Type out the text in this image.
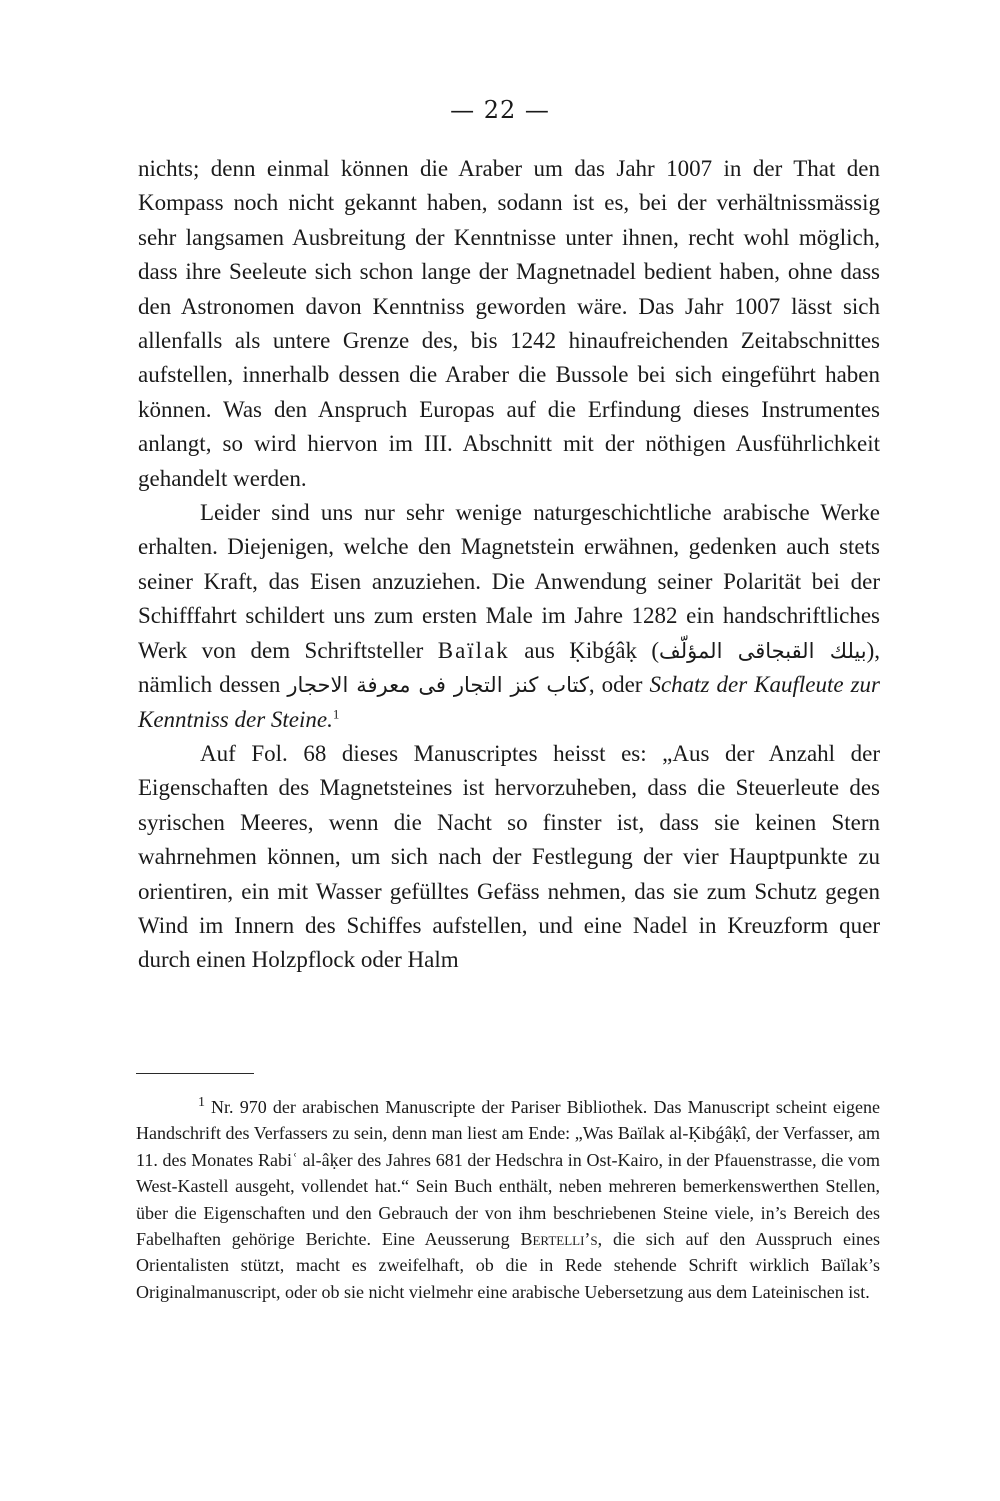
— 22 —

nichts; denn einmal können die Araber um das Jahr 1007 in der That den Kompass noch nicht gekannt haben, sodann ist es, bei der verhältnissmässig sehr langsamen Ausbreitung der Kenntnisse unter ihnen, recht wohl möglich, dass ihre Seeleute sich schon lange der Magnetnadel bedient haben, ohne dass den Astronomen davon Kenntniss geworden wäre. Das Jahr 1007 lässt sich allenfalls als untere Grenze des, bis 1242 hinaufreichenden Zeitabschnittes aufstellen, innerhalb dessen die Araber die Bussole bei sich eingeführt haben können. Was den Anspruch Europas auf die Erfindung dieses Instrumentes anlangt, so wird hiervon im III. Abschnitt mit der nöthigen Ausführlichkeit gehandelt werden.

Leider sind uns nur sehr wenige naturgeschichtliche arabische Werke erhalten. Diejenigen, welche den Magnetstein erwähnen, gedenken auch stets seiner Kraft, das Eisen anzuziehen. Die Anwendung seiner Polarität bei der Schifffahrt schildert uns zum ersten Male im Jahre 1282 ein handschriftliches Werk von dem Schriftsteller Baïlak aus Ḳibǵâḳ (بيلك القبجاقى المؤلّف), nämlich dessen كتاب كنز التجار فى معرفة الاحجار, oder Schatz der Kaufleute zur Kenntniss der Steine.$^1$

Auf Fol. 68 dieses Manuscriptes heisst es: „Aus der Anzahl der Eigenschaften des Magnetsteines ist hervorzuheben, dass die Steuerleute des syrischen Meeres, wenn die Nacht so finster ist, dass sie keinen Stern wahrnehmen können, um sich nach der Festlegung der vier Hauptpunkte zu orientiren, ein mit Wasser gefülltes Gefäss nehmen, das sie zum Schutz gegen Wind im Innern des Schiffes aufstellen, und eine Nadel in Kreuzform quer durch einen Holzpflock oder Halm

$^1$ Nr. 970 der arabischen Manuscripte der Pariser Bibliothek. Das Manuscript scheint eigene Handschrift des Verfassers zu sein, denn man liest am Ende: „Was Baïlak al-Ḳibǵâḳî, der Verfasser, am 11. des Monates Rabiʿ al-âḳer des Jahres 681 der Hedschra in Ost-Kairo, in der Pfauenstrasse, die vom West-Kastell ausgeht, vollendet hat.“ Sein Buch enthält, neben mehreren bemerkenswerthen Stellen, über die Eigenschaften und den Gebrauch der von ihm beschriebenen Steine viele, in’s Bereich des Fabelhaften gehörige Berichte. Eine Aeusserung Bertelli’s, die sich auf den Ausspruch eines Orientalisten stützt, macht es zweifelhaft, ob die in Rede stehende Schrift wirklich Baïlak’s Originalmanuscript, oder ob sie nicht vielmehr eine arabische Uebersetzung aus dem Lateinischen ist.
